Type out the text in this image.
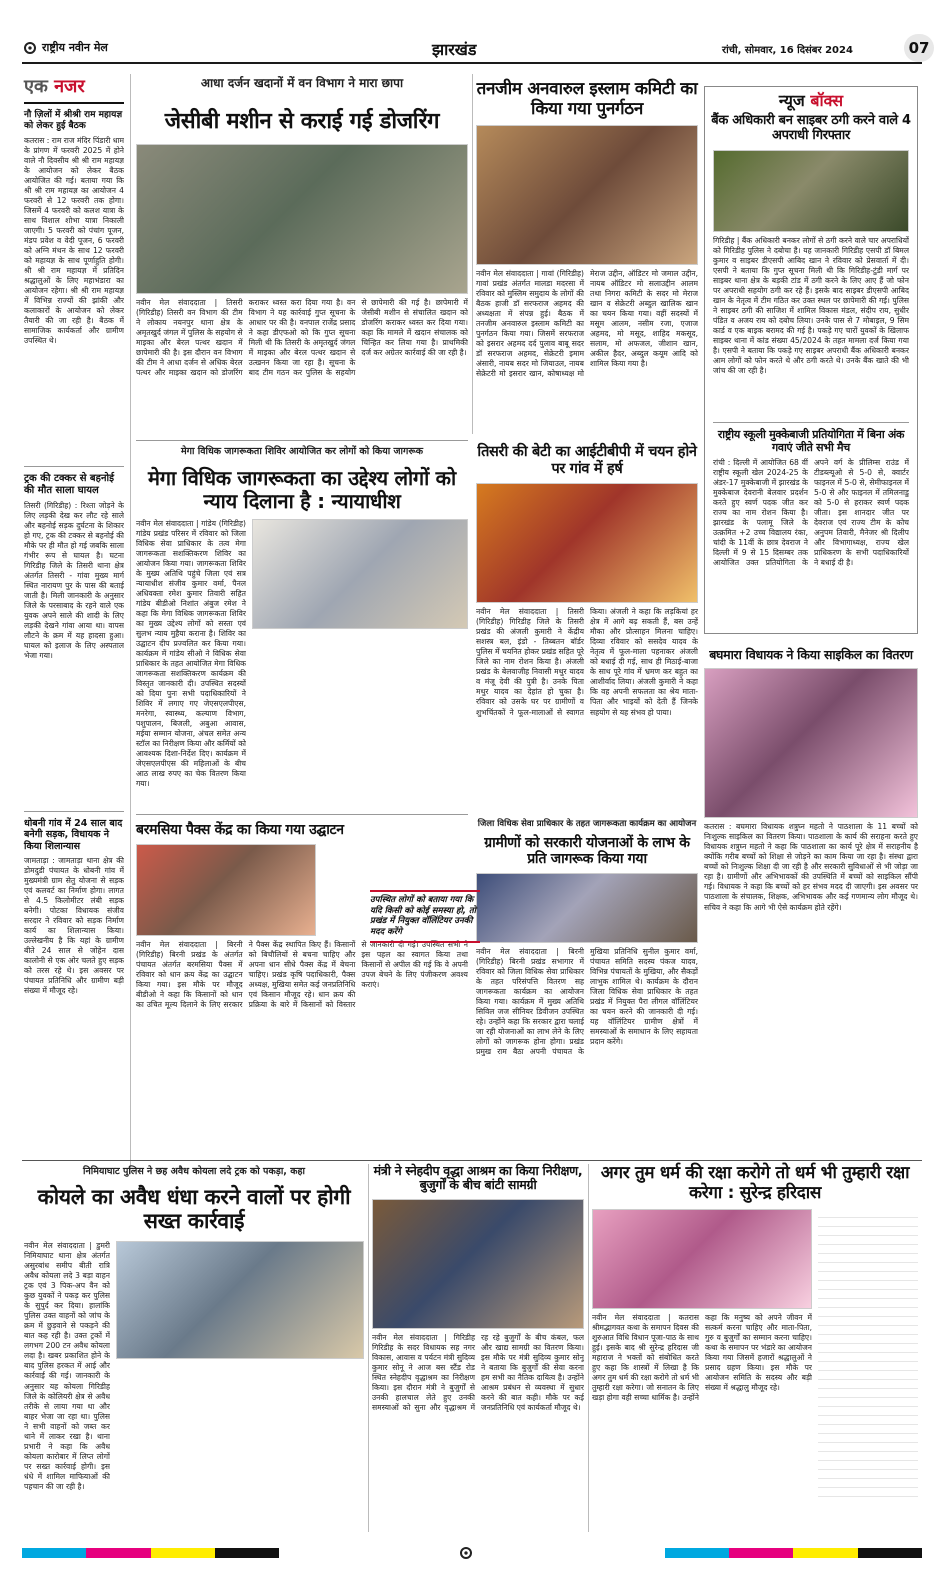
राष्ट्रीय नवीन मेल	झारखंड	रांची, सोमवार, 16 दिसंबर 2024	07
एक नजर
नौ ज़िलों में श्रीश्री राम महायज्ञ को लेकर हुई बैठक
कतरास : राम राज मंदिर पिंडारी धाम के प्रांगण में फरवरी 2025 में होने वाले नौ दिवसीय श्री श्री राम महायज्ञ के आयोजन को लेकर बैठक आयोजित की गई। बताया गया कि श्री श्री राम महायज्ञ का आयोजन 4 फरवरी से 12 फरवरी तक होगा। जिसमें 4 फरवरी को कलश यात्रा के साथ विशाल शोभा यात्रा निकाली जाएगी। 5 फरवरी को पंचांग पूजन, मंडप प्रवेश व वेदी पूजन, 6 फरवरी को अग्नि मंथन के साथ 12 फरवरी को महायज्ञ के साथ पूर्णाहुति होगी। श्री श्री राम महायज्ञ में प्रतिदिन श्रद्धालुओं के लिए महाभंडारा का आयोजन रहेगा। श्री श्री राम महायज्ञ में विभिन्न राज्यों की झांकी और कलाकारों के आयोजन को लेकर तैयारी की जा रही है। बैठक में सामाजिक कार्यकर्ता और ग्रामीण उपस्थित थे।
ट्रक की टक्कर से बहनोई की मौत साला घायल
तिसरी (गिरिडीह) : रिश्ता जोड़ने के लिए लड़की देख कर लौट रहे साले और बहनोई सड़क दुर्घटना के शिकार हो गए, ट्रक की टक्कर से बहनोई की मौके पर ही मौत हो गई जबकि साला गंभीर रूप से घायल है। घटना गिरिडीह जिले के तिसरी थाना क्षेत्र अंतर्गत तिसरी - गांवा मुख्य मार्ग स्थित नारायण पुर के पास की बताई जाती है। मिली जानकारी के अनुसार जिले के परसाबाद के रहने वाले एक युवक अपने साले की शादी के लिए लड़की देखने गांवा आया था। वापस लौटने के क्रम में यह हादसा हुआ। घायल को इलाज के लिए अस्पताल भेजा गया।
धोबनी गांव में 24 साल बाद बनेगी सड़क, विधायक ने किया शिलान्यास
जामताड़ा : जामताड़ा थाना क्षेत्र की डोमदुडी पंचायत के धोबनी गांव में मुख्यमंत्री ग्राम सेतु योजना से सड़क एवं कलवर्ट का निर्माण होगा। लागत से 4.5 किलोमीटर लंबी सड़क बनेगी। पोटका विधायक संजीव सरदार ने रविवार को सड़क निर्माण कार्य का शिलान्यास किया। उल्लेखनीय है कि यहां के ग्रामीण बीते 24 साल से जोहेन दास कालोनी से एक ओर चलते हुए सड़क को तरस रहे थे। इस अवसर पर पंचायत प्रतिनिधि और ग्रामीण बड़ी संख्या में मौजूद रहे।
आधा दर्जन खदानों में वन विभाग ने मारा छापा
जेसीबी मशीन से कराई गई डोजरिंग
नवीन मेल संवाददाता | तिसरी (गिरिडीह) तिसरी वन विभाग की टीम ने लोकाय नयनपुर थाना क्षेत्र के अमृतखुर्द जंगल में पुलिस के सहयोग से माइका और बेरल पत्थर खदान में छापेमारी की है। इस दौरान वन विभाग की टीम ने आधा दर्जन से अधिक बेरल पत्थर और माइका खदान को डोजरिंग कराकर ध्वस्त करा दिया गया है। वन विभाग ने यह कार्रवाई गुप्त सूचना के आधार पर की है। वनपाल राजेंद्र प्रसाद ने कहा डीएफओ को कि गुप्त सूचना मिली थी कि तिसरी के अमृतखुर्द जंगल में माइका और बेरल पत्थर खदान से उत्खनन किया जा रहा है। सूचना के बाद टीम गठन कर पुलिस के सहयोग से छापेमारी की गई है। छापेमारी में जेसीबी मशीन से संचालित खदान को डोजरिंग कराकर ध्वस्त कर दिया गया। कहा कि मामले में खदान संचालक को चिन्हित कर लिया गया है। प्राथमिकी दर्ज कर अग्रेतर कार्रवाई की जा रही है।
तनजीम अनवारुल इस्लाम कमिटी का किया गया पुनर्गठन
नवीन मेल संवाददाता | गावां (गिरिडीह) गावां प्रखंड अंतर्गत मालडा मदरसा में रविवार को मुस्लिम समुदाय के लोगों की बैठक हाजी डॉ सरफराज अहमद की अध्यक्षता में संपन्न हुई। बैठक में तनजीम अनवारुल इस्लाम कमिटी का पुनर्गठन किया गया। जिसमें सरफराज को इसरार अहमद दर्द पुलाव बाबू सदर डॉ सरफराज अहमद, सेक्रेटरी इमाम अंसारी, नायब सदर मो जियाउल, नायब सेक्रेटरी मो इसरार खान, कोषाध्यक्ष मो मेराज उद्दीन, ऑडिटर मो जमाल उद्दीन, नायब ऑडिटर मो सलाउद्दीन आलम तथा निगरा कमिटी के सदर मो मेराज खान व सेक्रेटरी अब्दुल खालिक खान का चयन किया गया। वहीं सदस्यों में मसूम आलम, नसीम रजा, एजाज अहमद, मो मसूद, शाहिद मकसूद, सलाम, मो अफजल, जीशान खान, अकील हैदर, अब्दुल कयूम आदि को शामिल किया गया है।
न्यूज बॉक्स
बैंक अधिकारी बन साइबर ठगी करने वाले 4 अपराधी गिरफ्तार
गिरिडीह | बैंक अधिकारी बनकर लोगों से ठगी करने वाले चार अपराधियों को गिरिडीह पुलिस ने दबोचा है। यह जानकारी गिरिडीह एसपी डॉ बिमल कुमार व साइबर डीएसपी आबिद खान ने रविवार को प्रेसवार्ता में दी। एसपी ने बताया कि गुप्त सूचना मिली थी कि गिरिडीह-टुंडी मार्ग पर साइबर थाना क्षेत्र के बड़की टांड में ठगी करने के लिए आए हैं जो फोन पर अपराधी सहयोग ठगी कर रहे हैं। इसके बाद साइबर डीएसपी आबिद खान के नेतृत्व में टीम गठित कर उक्त स्थल पर छापेमारी की गई। पुलिस ने साइबर ठगी की साजिश में शामिल विकास मंडल, संदीप राय, सुधीर पंडित व अजय राय को दबोच लिया। उनके पास से 7 मोबाइल, 9 सिम कार्ड व एक बाइक बरामद की गई है। पकड़े गए चारों युवकों के खिलाफ साइबर थाना में कांड संख्या 45/2024 के तहत मामला दर्ज किया गया है। एसपी ने बताया कि पकड़े गए साइबर अपराधी बैंक अधिकारी बनकर आम लोगों को फोन करते थे और ठगी करते थे। उनके बैंक खाते की भी जांच की जा रही है।
राष्ट्रीय स्कूली मुक्केबाजी प्रतियोगिता में बिना अंक गवाएं जीते सभी मैच
रांची : दिल्ली में आयोजित 68 वीं राष्ट्रीय स्कूली खेल 2024-25 के अंडर-17 मुक्केबाजी में झारखंड के मुक्केबाज देवरानी बेलवार प्रदर्शन करते हुए स्वर्ण पदक जीत कर राज्य का नाम रोशन किया है। झारखंड के पलामू जिले के उत्क्रमित +2 उच्च विद्यालय रंका, चांदी के 11वीं के छात्र देवराज ने दिल्ली में 9 से 15 दिसम्बर तक आयोजित उक्त प्रतियोगिता के अपने वर्ग के प्रीलिम्स राउंड में टीडब्ल्यूओ से 5-0 से, क्वार्टर फाइनल में 5-0 से, सेमीफाइनल में 5-0 से और फाइनल में तमिलनाडु को 5-0 से हराकर स्वर्ण पदक जीता। इस शानदार जीत पर देवराज एवं राज्य टीम के कोच अनुपम तिवारी, मैनेजर श्री दिलीप और विभागाध्यक्ष, राज्य खेल प्राधिकरण के सभी पदाधिकारियों ने बधाई दी है।
मेगा विधिक जागरूकता शिविर आयोजित कर लोगों को किया जागरूक
मेगा विधिक जागरूकता का उद्देश्य लोगों को न्याय दिलाना है : न्यायाधीश
नवीन मेल संवाददाता | गांडेय (गिरिडीह) गांडेय प्रखंड परिसर में रविवार को जिला विधिक सेवा प्राधिकार के तत्व मेगा जागरूकता सशक्तिकरण शिविर का आयोजन किया गया। जागरूकता शिविर के मुख्य अतिथि पहुंचे जिला एवं सत्र न्यायाधीश संजीव कुमार वर्मा, पैनल अधिवक्ता रमेश कुमार तिवारी सहित गांडेय बीडीओ निशांत अंबुज रमेश ने कहा कि मेगा विधिक जागरूकता शिविर का मुख्य उद्देश्य लोगों को सस्ता एवं सुलभ न्याय मुहैया कराना है। शिविर का उद्घाटन दीप प्रज्वलित कर किया गया। कार्यक्रम में गांडेय सीओ ने विधिक सेवा प्राधिकार के तहत आयोजित मेगा विधिक जागरूकता सशक्तिकरण कार्यक्रम की विस्तृत जानकारी दी। उपस्थित सदस्यों को दिया पुनः सभी पदाधिकारियों ने शिविर में लगाए गए जेएसएलपीएस, मनरेगा, स्वास्थ्य, कल्याण विभाग, पशुपालन, बिजली, अबुआ आवास, मईया सम्मान योजना, अंचल समेत अन्य स्टॉल का निरीक्षण किया और कर्मियों को आवश्यक दिशा-निर्देश दिए। कार्यक्रम में जेएसएलपीएस की महिलाओं के बीच आठ लाख रुपए का चेक वितरण किया गया।
तिसरी की बेटी का आईटीबीपी में चयन होने पर गांव में हर्ष
नवीन मेल संवाददाता | तिसरी (गिरिडीह) गिरिडीह जिले के तिसरी प्रखंड की अंजली कुमारी ने केंद्रीय सशस्त्र बल, इंडो - तिब्बतन बॉर्डर पुलिस में चयनित होकर प्रखंड सहित पूरे जिले का नाम रोशन किया है। अंजली प्रखंड के बेलवाजीह निवासी मथुर यादव व मंजू देवी की पुत्री है। उनके पिता मथुर यादव का देहांत हो चुका है। रविवार को उसके घर पर ग्रामीणों व शुभचिंतकों ने फूल-मालाओं से स्वागत किया। अंजली ने कहा कि लड़कियां हर क्षेत्र में आगे बढ़ सकती हैं, बस उन्हें मौका और प्रोत्साहन मिलना चाहिए। दिव्या रविवार को ससदेव यादव के नेतृत्व में फूल-माला पहनाकर अंजली को बधाई दी गई, साथ ही मिठाई-बाजा के साथ पूरे गांव में भ्रमण कर बहुत का आशीर्वाद लिया। अंजली कुमारी ने कहा कि वह अपनी सफलता का श्रेय माता-पिता और भाइयों को देती हैं जिनके सहयोग से यह संभव हो पाया।
बघमारा विधायक ने किया साइकिल का वितरण
कतरास : बघमारा विधायक शत्रुघ्न महतो ने पाठशाला के 11 बच्चों को निःशुल्क साइकिल का वितरण किया। पाठशाला के कार्य की सराहना करते हुए विधायक शत्रुघ्न महतो ने कहा कि पाठशाला का कार्य पूरे क्षेत्र में सराहनीय है क्योंकि गरीब बच्चों को शिक्षा से जोड़ने का काम किया जा रहा है। संस्था द्वारा बच्चों को निःशुल्क शिक्षा दी जा रही है और सरकारी सुविधाओं से भी जोड़ा जा रहा है। ग्रामीणों और अभिभावकों की उपस्थिति में बच्चों को साइकिल सौंपी गई। विधायक ने कहा कि बच्चों को हर संभव मदद दी जाएगी। इस अवसर पर पाठशाला के संचालक, शिक्षक, अभिभावक और कई गणमान्य लोग मौजूद थे। सचिव ने कहा कि आगे भी ऐसे कार्यक्रम होते रहेंगे।
बरमसिया पैक्स केंद्र का किया गया उद्घाटन
नवीन मेल संवाददाता | बिरनी (गिरिडीह) बिरनी प्रखंड के अंतर्गत पंचायत अंतर्गत बरमसिया पैक्स में रविवार को धान क्रय केंद्र का उद्घाटन किया गया। इस मौके पर मौजूद बीडीओ ने कहा कि किसानों को धान का उचित मूल्य दिलाने के लिए सरकार ने पैक्स केंद्र स्थापित किए हैं। किसानों को बिचौलियों से बचना चाहिए और अपना धान सीधे पैक्स केंद्र में बेचना चाहिए। प्रखंड कृषि पदाधिकारी, पैक्स अध्यक्ष, मुखिया समेत कई जनप्रतिनिधि एवं किसान मौजूद रहे। धान क्रय की प्रक्रिया के बारे में किसानों को विस्तार से जानकारी दी गई। उपस्थित सभी ने इस पहल का स्वागत किया तथा किसानों से अपील की गई कि वे अपनी उपज बेचने के लिए पंजीकरण अवश्य कराएं।
जिला विधिक सेवा प्राधिकार के तहत जागरूकता कार्यक्रम का आयोजन
ग्रामीणों को सरकारी योजनाओं के लाभ के प्रति जागरूक किया गया
नवीन मेल संवाददाता | बिरनी (गिरिडीह) बिरनी प्रखंड सभागार में रविवार को जिला विधिक सेवा प्राधिकार के तहत परिसंपत्ति वितरण सह जागरूकता कार्यक्रम का आयोजन किया गया। कार्यक्रम में मुख्य अतिथि सिविल जज सीनियर डिवीजन उपस्थित रहे। उन्होंने कहा कि सरकार द्वारा चलाई जा रही योजनाओं का लाभ लेने के लिए लोगों को जागरूक होना होगा। प्रखंड प्रमुख राम बैठा अपनी पंचायत के मुखिया प्रतिनिधि सुनील कुमार वर्मा, पंचायत समिति सदस्य पंकज यादव, विभिन्न पंचायतों के मुखिया, और सैकड़ों लाभुक शामिल थे। कार्यक्रम के दौरान जिला विधिक सेवा प्राधिकार के तहत प्रखंड में नियुक्त पैरा लीगल वॉलिंटियर का चयन करने की जानकारी दी गई। यह वॉलिंटियर ग्रामीण क्षेत्रों में समस्याओं के समाधान के लिए सहायता प्रदान करेंगे।
उपस्थित लोगों को बताया गया कि यदि किसी को कोई समस्या हो, तो प्रखंड में नियुक्त वॉलिंटियर उनकी मदद करेंगे
निमियाघाट पुलिस ने छह अवैध कोयला लदे ट्रक को पकड़ा, कहा
कोयले का अवैध धंधा करने वालों पर होगी सख्त कार्रवाई
नवीन मेल संवाददाता | डुमरी निमियाघाट थाना क्षेत्र अंतर्गत असुरबांध समीप बीती रात्रि अवैध कोयला लदे 3 बड़ा वाहन ट्रक एवं 3 पिक-अप वैन को कुछ युवकों ने पकड़ कर पुलिस के सुपुर्द कर दिया। हालांकि पुलिस उक्त वाहनों को जांच के क्रम में छुड़वाने से पकड़ने की बात कह रही है। उक्त ट्रकों में लगभग 200 टन अवैध कोयला लदा है। खबर प्रकाशित होने के बाद पुलिस हरकत में आई और कार्रवाई की गई। जानकारी के अनुसार यह कोयला गिरिडीह जिले के कोलियरी क्षेत्र से अवैध तरीके से लाया गया था और बाहर भेजा जा रहा था। पुलिस ने सभी वाहनों को जब्त कर थाने में लाकर रखा है। थाना प्रभारी ने कहा कि अवैध कोयला कारोबार में लिप्त लोगों पर सख्त कार्रवाई होगी। इस धंधे में शामिल माफियाओं की पहचान की जा रही है।
मंत्री ने स्नेहदीप वृद्धा आश्रम का किया निरीक्षण, बुजुर्गों के बीच बांटी सामग्री
नवीन मेल संवाददाता | गिरिडीह गिरिडीह के सदर विधायक सह नगर विकास, आवास व पर्यटन मंत्री सुदिव्य कुमार सोनू ने आज बस स्टैंड रोड स्थित स्नेहदीप वृद्धाश्रम का निरीक्षण किया। इस दौरान मंत्री ने बुजुर्गों से उनकी हालचाल लेते हुए उनकी समस्याओं को सुना और वृद्धाश्रम में रह रहे बुजुर्गों के बीच कंबल, फल और खाद्य सामग्री का वितरण किया। इस मौके पर मंत्री सुदिव्य कुमार सोनू ने बताया कि बुजुर्गों की सेवा करना हम सभी का नैतिक दायित्व है। उन्होंने आश्रम प्रबंधन से व्यवस्था में सुधार करने की बात कही। मौके पर कई जनप्रतिनिधि एवं कार्यकर्ता मौजूद थे।
अगर तुम धर्म की रक्षा करोगे तो धर्म भी तुम्हारी रक्षा करेगा : सुरेन्द्र हरिदास
नवीन मेल संवाददाता | कतरास श्रीमद्भागवत कथा के समापन दिवस की शुरुआत विधि विधान पूजा-पाठ के साथ हुई। इसके बाद श्री सुरेन्द्र हरिदास जी महाराज ने भक्तों को संबोधित करते हुए कहा कि शास्त्रों में लिखा है कि अगर तुम धर्म की रक्षा करोगे तो धर्म भी तुम्हारी रक्षा करेगा। जो सनातन के लिए खड़ा होगा वही सच्चा धार्मिक है। उन्होंने कहा कि मनुष्य को अपने जीवन में सत्कर्म करना चाहिए और माता-पिता, गुरु व बुजुर्गों का सम्मान करना चाहिए। कथा के समापन पर भंडारे का आयोजन किया गया जिसमें हजारों श्रद्धालुओं ने प्रसाद ग्रहण किया। इस मौके पर आयोजन समिति के सदस्य और बड़ी संख्या में श्रद्धालु मौजूद रहे।
